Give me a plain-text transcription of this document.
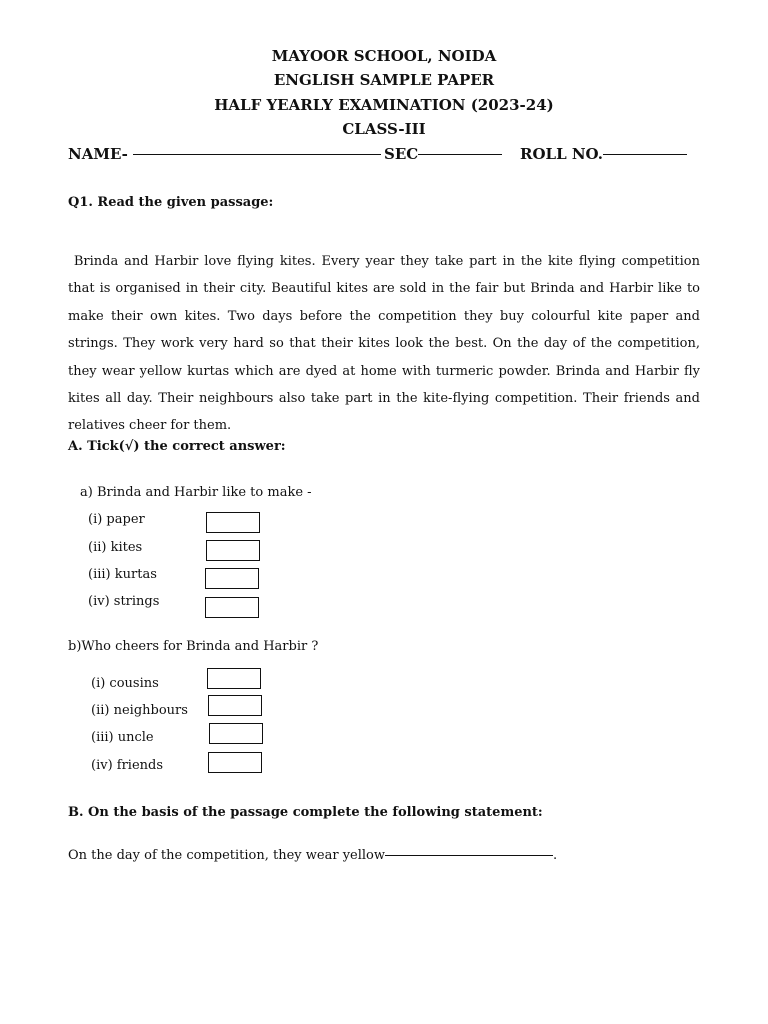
MAYOOR SCHOOL, NOIDA
ENGLISH SAMPLE PAPER
HALF YEARLY EXAMINATION (2023-24)
CLASS-III
NAME-	SEC	ROLL NO.
Q1. Read the given passage:
Brinda and Harbir love flying kites. Every year they take part in the kite flying competition that is organised in their city. Beautiful kites are sold in the fair but Brinda and Harbir like to make their own kites. Two days before the competition they buy colourful kite paper and strings. They work very hard so that their kites look the best. On the day of the competition, they wear yellow kurtas which are dyed at home with turmeric powder. Brinda and Harbir fly kites all day. Their neighbours also take part in the kite-flying competition. Their friends and relatives cheer for them.
A. Tick(√) the correct answer:
a) Brinda and Harbir like to make -
(i) paper
(ii) kites
(iii) kurtas
(iv) strings
b)Who cheers for Brinda and Harbir ?
(i) cousins
(ii) neighbours
(iii) uncle
(iv) friends
B. On the basis of the passage complete the following statement:
On the day of the competition, they wear yellow	.
